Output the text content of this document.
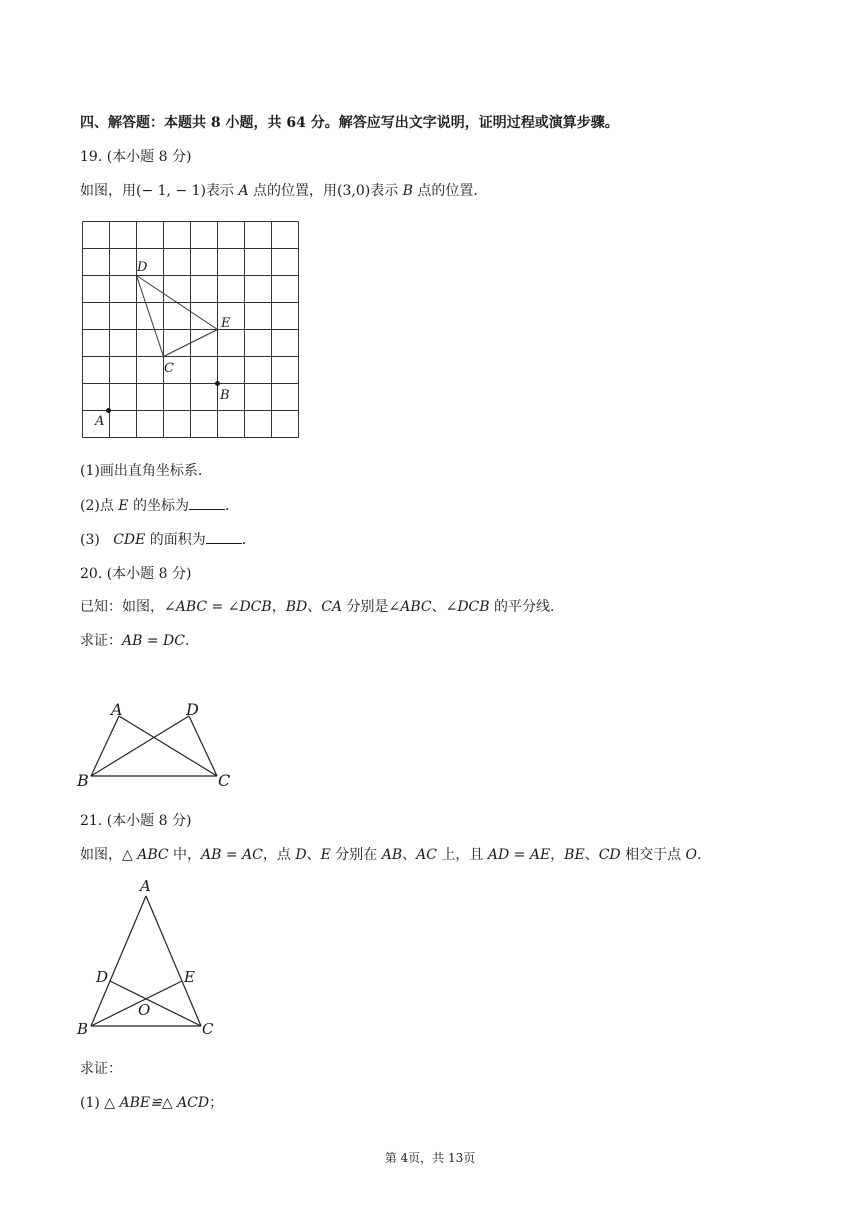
四、解答题：本题共 8 小题，共 64 分。解答应写出文字说明，证明过程或演算步骤。
19. (本小题 8 分)
如图，用(− 1, − 1)表示 A 点的位置，用(3,0)表示 B 点的位置．
D
E
C
B
A
(1)画出直角坐标系．
(2)点 E 的坐标为	．
(3)   CDE 的面积为	．
20. (本小题 8 分)
已知：如图，∠ABC = ∠DCB，BD、CA 分别是∠ABC、∠DCB 的平分线．
求证：AB = DC．
A	D
B	C
21. (本小题 8 分)
如图，△ ABC 中，AB = AC，点 D、E 分别在 AB、AC 上，且 AD = AE，BE、CD 相交于点 O．
A
D	E
O
B	C
求证：
(1) △ ABE≌△ ACD；
第 4页，共 13页
